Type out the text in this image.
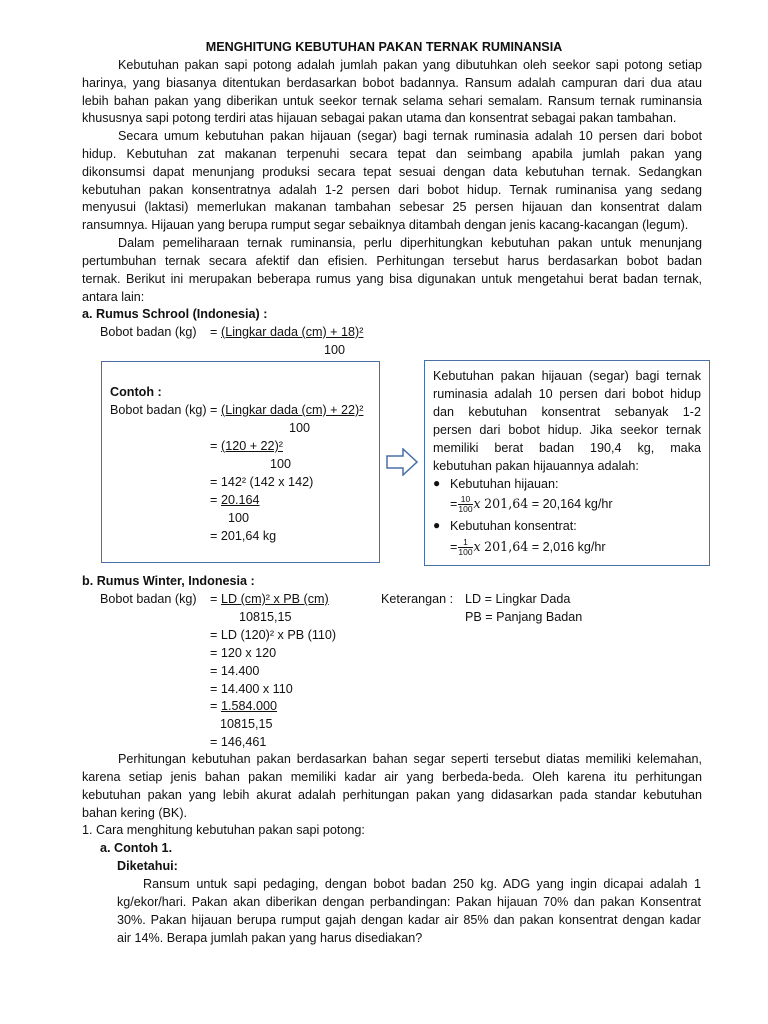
MENGHITUNG KEBUTUHAN PAKAN TERNAK RUMINANSIA
Kebutuhan pakan sapi potong adalah jumlah pakan yang dibutuhkan oleh seekor sapi potong setiap
harinya, yang biasanya ditentukan berdasarkan bobot badannya. Ransum adalah campuran dari dua atau
lebih bahan pakan yang diberikan untuk seekor ternak selama sehari semalam. Ransum ternak ruminansia
khususnya sapi potong terdiri atas hijauan sebagai pakan utama dan konsentrat sebagai pakan tambahan.
Secara umum kebutuhan pakan hijauan (segar) bagi ternak ruminasia adalah 10 persen dari bobot
hidup. Kebutuhan zat makanan terpenuhi secara tepat dan seimbang apabila jumlah pakan yang
dikonsumsi dapat menunjang produksi secara tepat sesuai dengan data kebutuhan ternak. Sedangkan
kebutuhan pakan konsentratnya adalah 1-2 persen dari bobot hidup. Ternak ruminanisa yang sedang
menyusui (laktasi) memerlukan makanan tambahan sebesar 25 persen hijauan dan konsentrat dalam
ransumnya. Hijauan yang berupa rumput segar sebaiknya ditambah dengan jenis kacang-kacangan (legum).
Dalam pemeliharaan ternak ruminansia, perlu diperhitungkan kebutuhan pakan untuk menunjang
pertumbuhan ternak secara afektif dan efisien. Perhitungan tersebut harus berdasarkan bobot badan
ternak. Berikut ini merupakan beberapa rumus yang bisa digunakan untuk mengetahui berat badan ternak,
antara lain:
a. Rumus Schrool (Indonesia) :
Bobot badan (kg) = (Lingkar dada (cm) + 18)²
100
Contoh :
Bobot badan (kg) = (Lingkar dada (cm) + 22)²
100
= (120 + 22)²
100
= 142² (142 x 142)
= 20.164
100
= 201,64 kg
Kebutuhan pakan hijauan (segar) bagi ternak
ruminasia adalah 10 persen dari bobot hidup
dan kebutuhan konsentrat sebanyak 1-2
persen dari bobot hidup. Jika seekor ternak
memiliki berat badan 190,4 kg, maka
kebutuhan pakan hijauannya adalah:
● Kebutuhan hijauan:
= $\frac{10}{100}$ x 201,64 = 20,164 kg/hr
● Kebutuhan konsentrat:
= $\frac{1}{100}$ x 201,64 = 2,016 kg/hr
b. Rumus Winter, Indonesia :
Bobot badan (kg) = LD (cm)² x PB (cm)
10815,15
Keterangan : LD = Lingkar Dada
PB = Panjang Badan
= LD (120)² x PB (110)
= 120 x 120
= 14.400
= 14.400 x 110
= 1.584.000
10815,15
= 146,461
Perhitungan kebutuhan pakan berdasarkan bahan segar seperti tersebut diatas memiliki kelemahan,
karena setiap jenis bahan pakan memiliki kadar air yang berbeda-beda. Oleh karena itu perhitungan
kebutuhan pakan yang lebih akurat adalah perhitungan pakan yang didasarkan pada standar kebutuhan
bahan kering (BK).
1. Cara menghitung kebutuhan pakan sapi potong:
a. Contoh 1.
Diketahui:
Ransum untuk sapi pedaging, dengan bobot badan 250 kg. ADG yang ingin dicapai adalah 1
kg/ekor/hari. Pakan akan diberikan dengan perbandingan: Pakan hijauan 70% dan pakan Konsentrat
30%. Pakan hijauan berupa rumput gajah dengan kadar air 85% dan pakan konsentrat dengan kadar
air 14%. Berapa jumlah pakan yang harus disediakan?
